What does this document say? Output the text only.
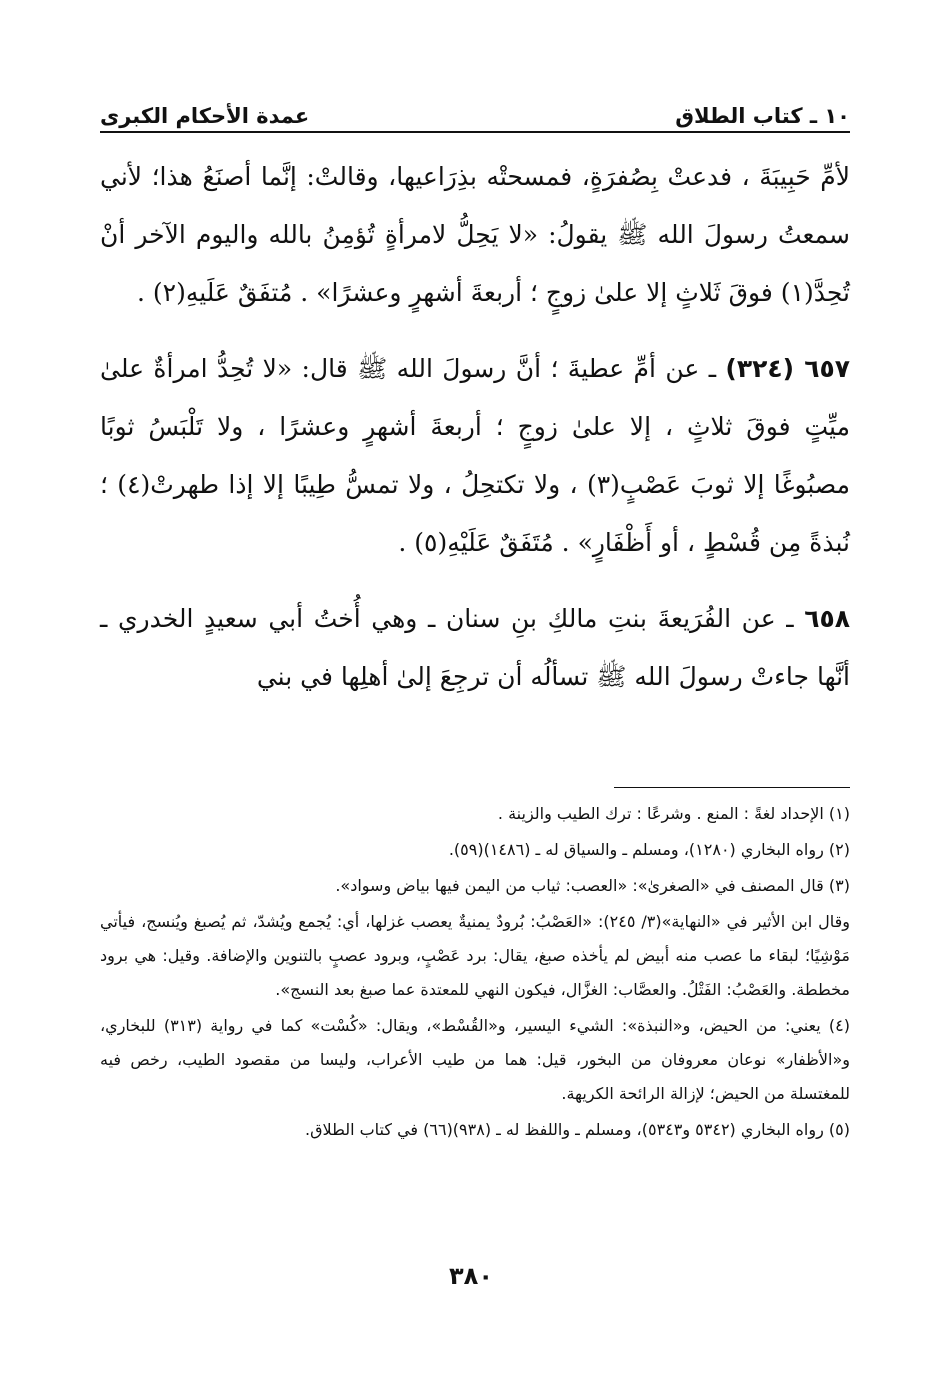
١٠ ـ كتاب الطلاق
عمدة الأحكام الكبرى

لأمِّ حَبِيبَةَ ، فدعتْ بِصُفرَةٍ، فمسحتْه بذِرَاعيها، وقالتْ: إنَّما أصنَعُ هذا؛ لأني سمعتُ رسولَ الله ﷺ يقولُ: «لا يَحِلُّ لامرأةٍ تُؤمِنُ بالله واليوم الآخر أنْ تُحِدَّ(١) فوقَ ثَلاثٍ إلا علىٰ زوجٍ ؛ أربعةَ أشهرٍ وعشرًا» . مُتفَقٌ عَلَيهِ(٢) .

٦٥٧ (٣٢٤) ـ عن أمِّ عطيةَ ؛ أنَّ رسولَ الله ﷺ قال: «لا تُحِدُّ امرأةٌ علىٰ ميِّتٍ فوقَ ثلاثٍ ، إلا علىٰ زوجٍ ؛ أربعةَ أشهرٍ وعشرًا ، ولا تَلْبَسُ ثوبًا مصبُوغًا إلا ثوبَ عَصْبٍ(٣) ، ولا تكتحِلُ ، ولا تمسُّ طِيبًا إلا إذا طهرتْ(٤) ؛ نُبذةً مِن قُسْطٍ ، أو أَظْفَارٍ» . مُتَفَقٌ عَلَيْهِ(٥) .

٦٥٨ ـ عن الفُرَيعةَ بنتِ مالكِ بنِ سنان ـ وهي أُختُ أبي سعيدٍ الخدري ـ أنَّها جاءتْ رسولَ الله ﷺ تسألُه أن ترجِعَ إلىٰ أهلِها في بني

(١) الإحداد لغةً : المنع . وشرعًا : ترك الطيب والزينة .

(٢) رواه البخاري (١٢٨٠)، ومسلم ـ والسياق له ـ (١٤٨٦)(٥٩).

(٣) قال المصنف في «الصغرىٰ»: «العصب: ثياب من اليمن فيها بياض وسواد».

وقال ابن الأثير في «النهاية»(٣/ ٢٤٥): «العَصْبُ: بُرودٌ يمنيةٌ يعصب غزلها، أي: يُجمع ويُشدّ، ثم يُصبغ ويُنسج، فيأتي مَوْشِيًا؛ لبقاء ما عصب منه أبيض لم يأخذه صبغ، يقال: برد عَصْبٍ، وبرود عصبٍ بالتنوين والإضافة. وقيل: هي برود مخططة. والعَصْبُ: الفَتْلُ. والعصَّاب: الغزَّال، فيكون النهي للمعتدة عما صبغ بعد النسج».

(٤) يعني: من الحيض، و«النبذة»: الشيء اليسير، و«القُسْط»، ويقال: «كُسْت» كما في رواية (٣١٣) للبخاري، و«الأظفار» نوعان معروفان من البخور، قيل: هما من طيب الأعراب، وليسا من مقصود الطيب، رخص فيه للمغتسلة من الحيض؛ لإزالة الرائحة الكريهة.

(٥) رواه البخاري (٥٣٤٢ و٥٣٤٣)، ومسلم ـ واللفظ له ـ (٩٣٨)(٦٦) في كتاب الطلاق.

٣٨٠
